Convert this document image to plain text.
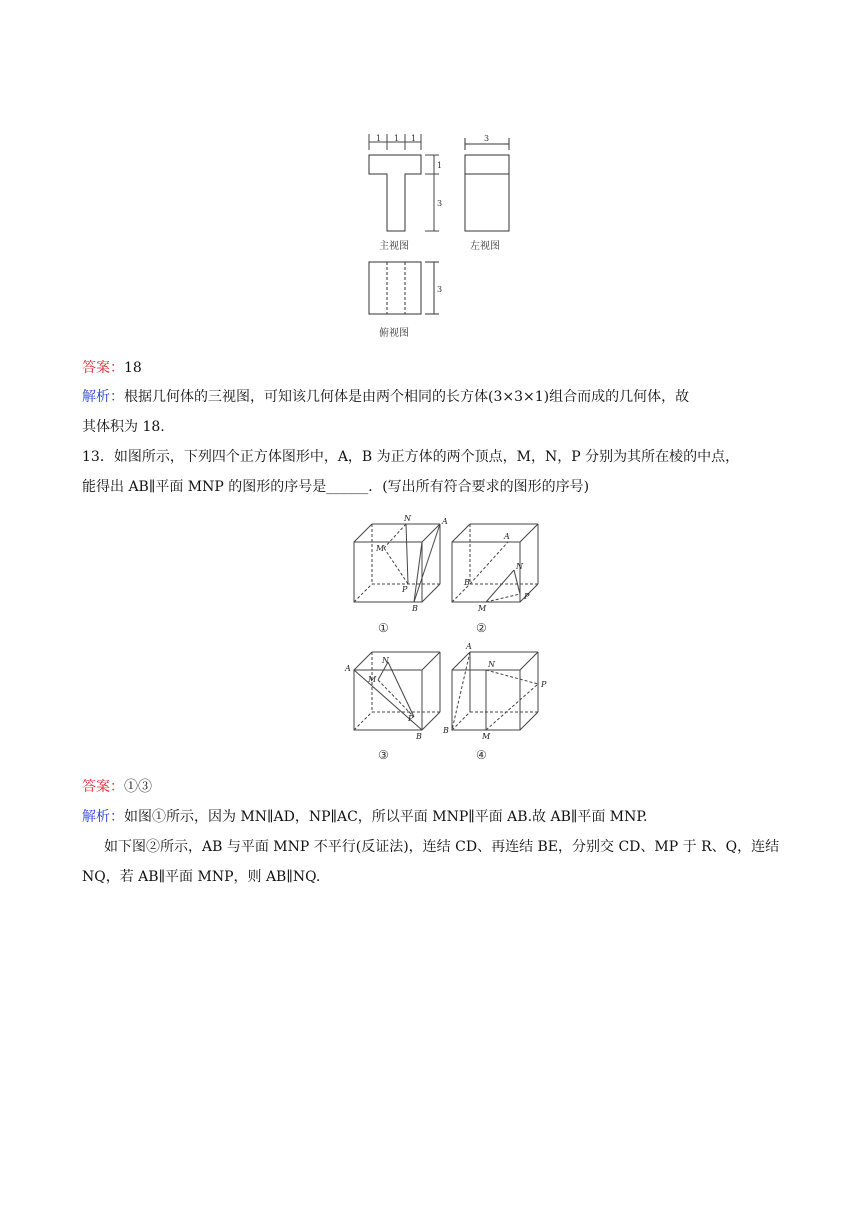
1 1 1
1
3
主视图
3
左视图
3
俯视图
答案：18
解析：根据几何体的三视图，可知该几何体是由两个相同的长方体(3×3×1)组合而成的几何体，故
其体积为 18.
13．如图所示，下列四个正方体图形中，A，B 为正方体的两个顶点，M，N，P 分别为其所在棱的中点，
能得出 AB∥平面 MNP 的图形的序号是______．(写出所有符合要求的图形的序号)
N	A
M
P
B
A
N
B
M
P
A
N
M
P
B
A
N
P
B
M
①	②
③	④
答案：①③
解析：如图①所示，因为 MN∥AD，NP∥AC，所以平面 MNP∥平面 AB.故 AB∥平面 MNP.
如下图②所示，AB 与平面 MNP 不平行(反证法)，连结 CD、再连结 BE，分别交 CD、MP 于 R、Q，连结
NQ，若 AB∥平面 MNP，则 AB∥NQ.
